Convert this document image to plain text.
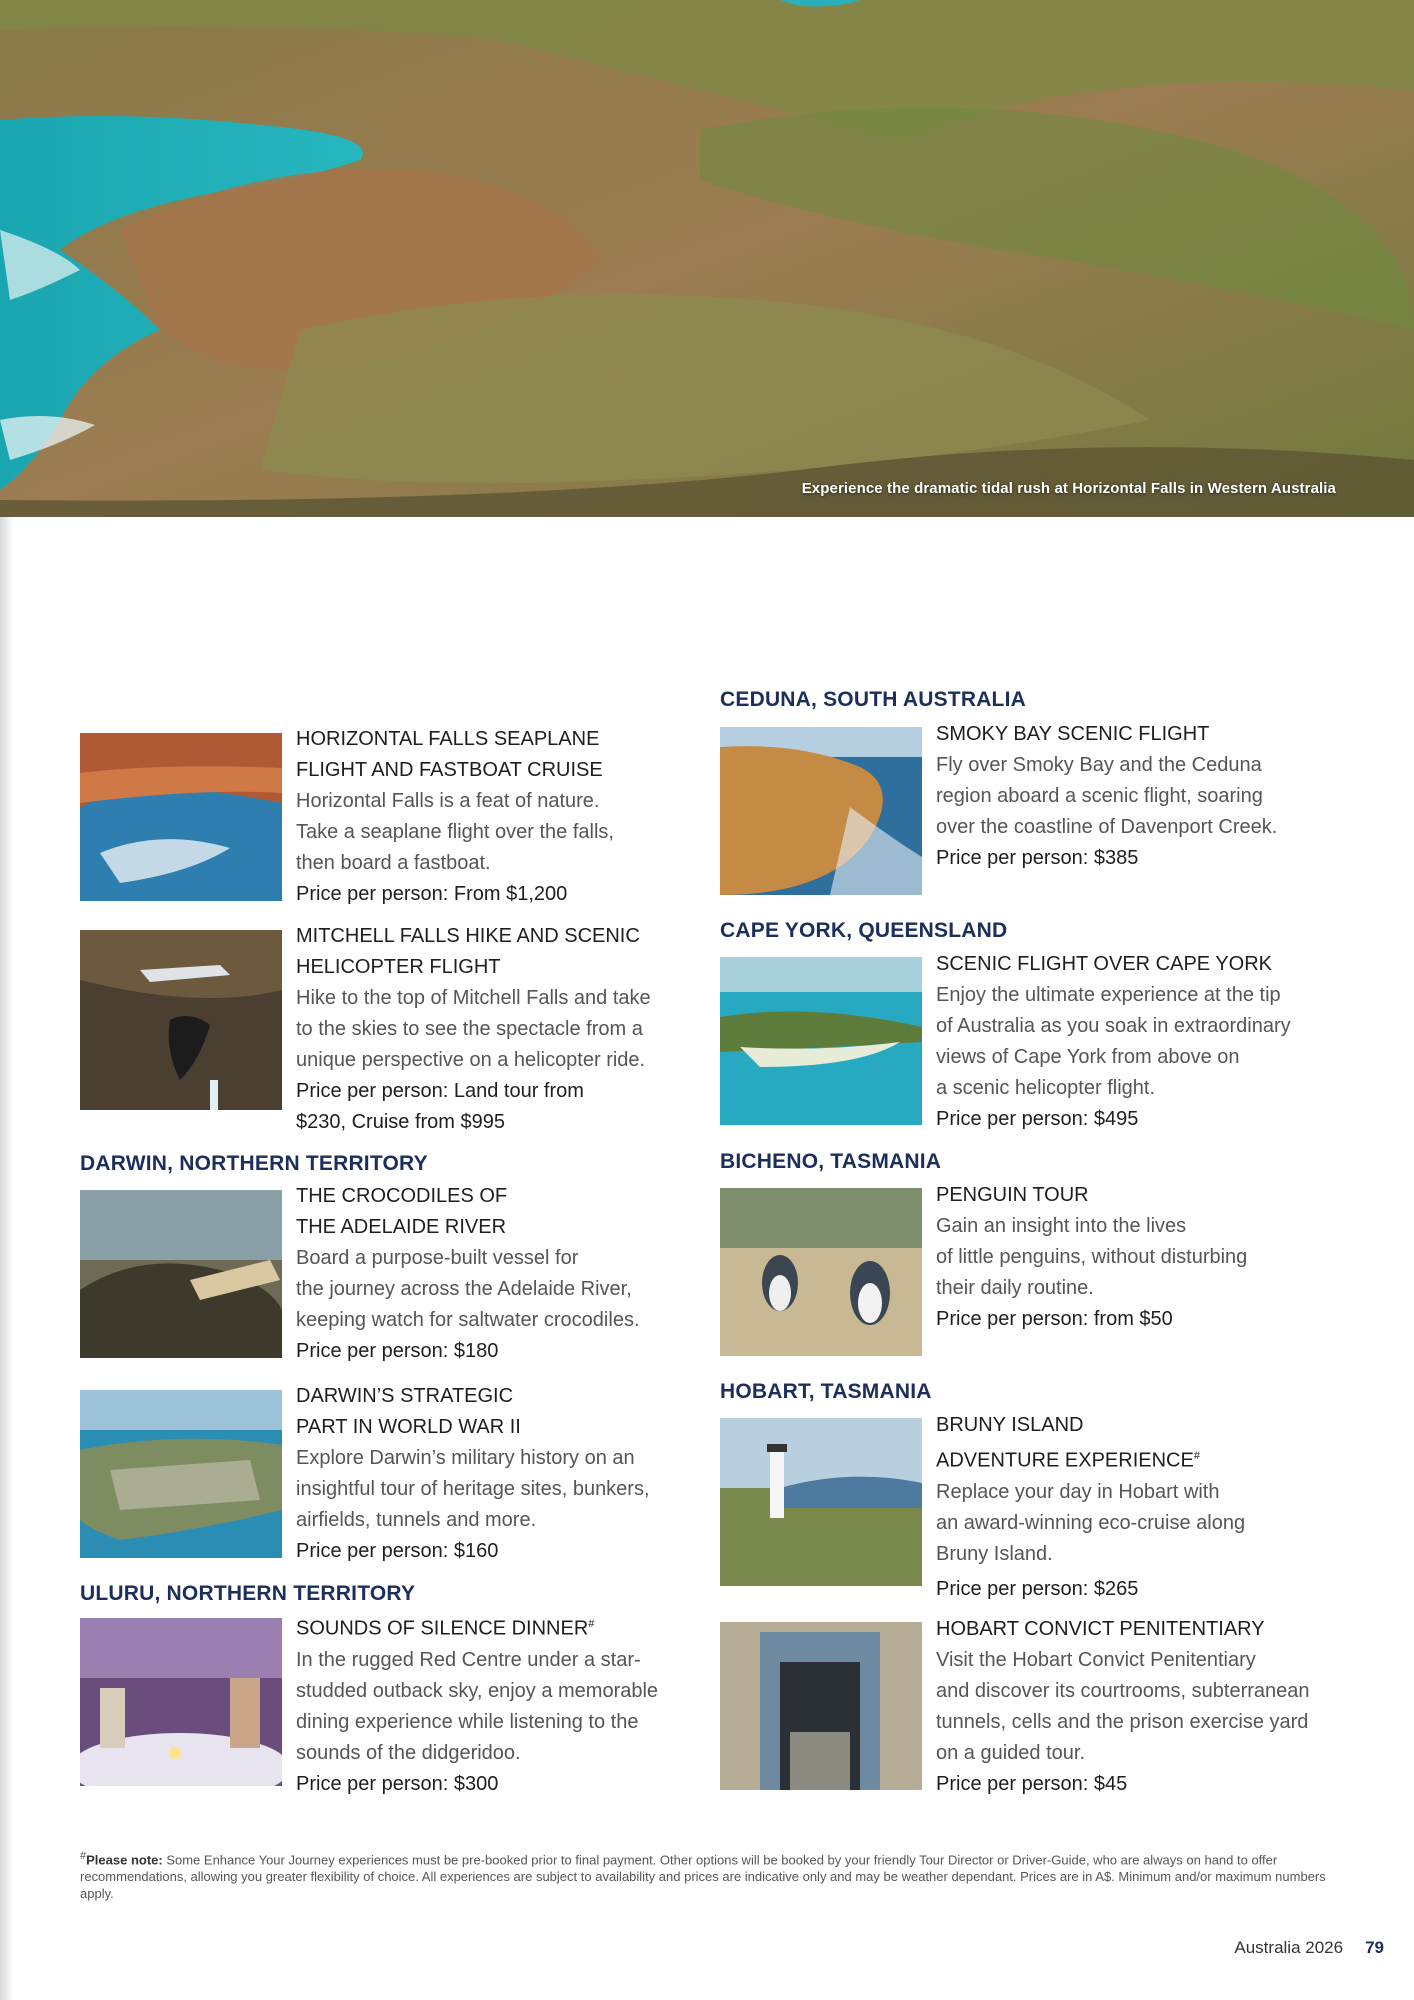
Experience the dramatic tidal rush at Horizontal Falls in Western Australia
HORIZONTAL FALLS SEAPLANE
FLIGHT AND FASTBOAT CRUISE
Horizontal Falls is a feat of nature.
Take a seaplane flight over the falls,
then board a fastboat.
Price per person: From $1,200
MITCHELL FALLS HIKE AND SCENIC
HELICOPTER FLIGHT
Hike to the top of Mitchell Falls and take
to the skies to see the spectacle from a
unique perspective on a helicopter ride.
Price per person: Land tour from
$230, Cruise from $995
DARWIN, NORTHERN TERRITORY
THE CROCODILES OF
THE ADELAIDE RIVER
Board a purpose-built vessel for
the journey across the Adelaide River,
keeping watch for saltwater crocodiles.
Price per person: $180
DARWIN’S STRATEGIC
PART IN WORLD WAR II
Explore Darwin’s military history on an
insightful tour of heritage sites, bunkers,
airfields, tunnels and more.
Price per person: $160
ULURU, NORTHERN TERRITORY
SOUNDS OF SILENCE DINNER#
In the rugged Red Centre under a star-
studded outback sky, enjoy a memorable
dining experience while listening to the
sounds of the didgeridoo.
Price per person: $300
CEDUNA, SOUTH AUSTRALIA
SMOKY BAY SCENIC FLIGHT
Fly over Smoky Bay and the Ceduna
region aboard a scenic flight, soaring
over the coastline of Davenport Creek.
Price per person: $385
CAPE YORK, QUEENSLAND
SCENIC FLIGHT OVER CAPE YORK
Enjoy the ultimate experience at the tip
of Australia as you soak in extraordinary
views of Cape York from above on
a scenic helicopter flight.
Price per person: $495
BICHENO, TASMANIA
PENGUIN TOUR
Gain an insight into the lives
of little penguins, without disturbing
their daily routine.
Price per person: from $50
HOBART, TASMANIA
BRUNY ISLAND
ADVENTURE EXPERIENCE#
Replace your day in Hobart with
an award-winning eco-cruise along
Bruny Island.
Price per person: $265
HOBART CONVICT PENITENTIARY
Visit the Hobart Convict Penitentiary
and discover its courtrooms, subterranean
tunnels, cells and the prison exercise yard
on a guided tour.
Price per person: $45
#Please note: Some Enhance Your Journey experiences must be pre-booked prior to final payment. Other options will be booked by your friendly Tour Director or Driver-Guide, who are always on hand to offer recommendations, allowing you greater flexibility of choice. All experiences are subject to availability and prices are indicative only and may be weather dependant. Prices are in A$. Minimum and/or maximum numbers apply.
Australia 2026 79
